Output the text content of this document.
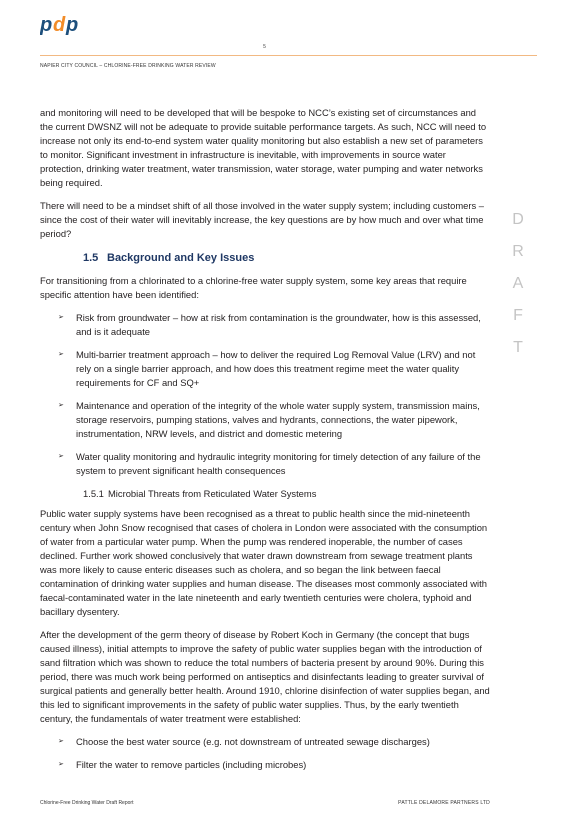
p d p
5
NAPIER CITY COUNCIL – CHLORINE-FREE DRINKING WATER REVIEW
D
R
A
F
T

and monitoring will need to be developed that will be bespoke to NCC’s existing set of circumstances and the current DWSNZ will not be adequate to provide suitable performance targets. As such, NCC will need to increase not only its end-to-end system water quality monitoring but also establish a new set of parameters to monitor. Significant investment in infrastructure is inevitable, with improvements in source water protection, drinking water treatment, water transmission, water storage, water pumping and water networks being required.

There will need to be a mindset shift of all those involved in the water supply system; including customers – since the cost of their water will inevitably increase, the key questions are by how much and over what time period?

1.5 Background and Key Issues

For transitioning from a chlorinated to a chlorine-free water supply system, some key areas that require specific attention have been identified:

➢ Risk from groundwater – how at risk from contamination is the groundwater, how is this assessed, and is it adequate
➢ Multi-barrier treatment approach – how to deliver the required Log Removal Value (LRV) and not rely on a single barrier approach, and how does this treatment regime meet the water quality requirements for CF and SQ+
➢ Maintenance and operation of the integrity of the whole water supply system, transmission mains, storage reservoirs, pumping stations, valves and hydrants, connections, the water pipework, instrumentation, NRW levels, and district and domestic metering
➢ Water quality monitoring and hydraulic integrity monitoring for timely detection of any failure of the system to prevent significant health consequences
1.5.1 Microbial Threats from Reticulated Water Systems

Public water supply systems have been recognised as a threat to public health since the mid-nineteenth century when John Snow recognised that cases of cholera in London were associated with the consumption of water from a particular water pump. When the pump was rendered inoperable, the number of cases declined. Further work showed conclusively that water drawn downstream from sewage treatment plants was more likely to cause enteric diseases such as cholera, and so began the link between faecal contamination of drinking water supplies and human disease. The diseases most commonly associated with faecal-contaminated water in the late nineteenth and early twentieth centuries were cholera, typhoid and bacillary dysentery.

After the development of the germ theory of disease by Robert Koch in Germany (the concept that bugs caused illness), initial attempts to improve the safety of public water supplies began with the introduction of sand filtration which was shown to reduce the total numbers of bacteria present by around 90%. During this period, there was much work being performed on antiseptics and disinfectants leading to greater survival of surgical patients and generally better health. Around 1910, chlorine disinfection of water supplies began, and this led to significant improvements in the safety of public water supplies. Thus, by the early twentieth century, the fundamentals of water treatment were established:

➢ Choose the best water source (e.g. not downstream of untreated sewage discharges)
➢ Filter the water to remove particles (including microbes)
Chlorine-Free Drinking Water Draft Report	PATTLE DELAMORE PARTNERS LTD
